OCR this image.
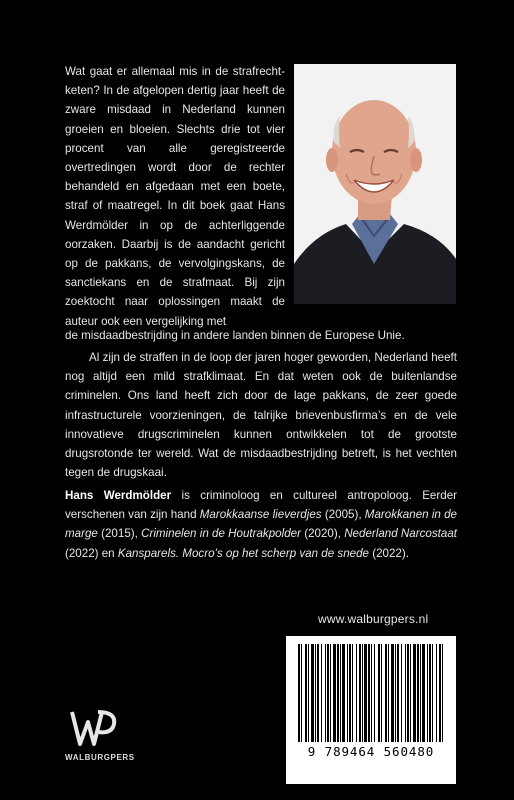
Wat gaat er allemaal mis in de strafrecht-keten? In de afgelopen dertig jaar heeft de zware misdaad in Nederland kunnen groeien en bloeien. Slechts drie tot vier procent van alle geregistreerde overtredingen wordt door de rechter behandeld en afgedaan met een boete, straf of maatregel. In dit boek gaat Hans Werdmölder in op de achterliggende oorzaken. Daarbij is de aandacht gericht op de pakkans, de vervolgingskans, de sanctiekans en de strafmaat. Bij zijn zoektocht naar oplossingen maakt de auteur ook een vergelijking met

de misdaadbestrijding in andere landen binnen de Europese Unie.

Al zijn de straffen in de loop der jaren hoger geworden, Nederland heeft nog altijd een mild strafklimaat. En dat weten ook de buitenlandse criminelen. Ons land heeft zich door de lage pakkans, de zeer goede infrastructurele voorzieningen, de talrijke brievenbusfirma’s en de vele innovatieve drugscriminelen kunnen ontwikkelen tot de grootste drugsrotonde ter wereld. Wat de misdaadbestrijding betreft, is het vechten tegen de drugskaai.

Hans Werdmölder is criminoloog en cultureel antropoloog. Eerder verschenen van zijn hand Marokkaanse lieverdjes (2005), Marokkanen in de marge (2015), Criminelen in de Houtrakpolder (2020), Nederland Narcostaat (2022) en Kansparels. Mocro’s op het scherp van de snede (2022).

www.walburgpers.nl
9 789464 560480
WALBURGPERS
